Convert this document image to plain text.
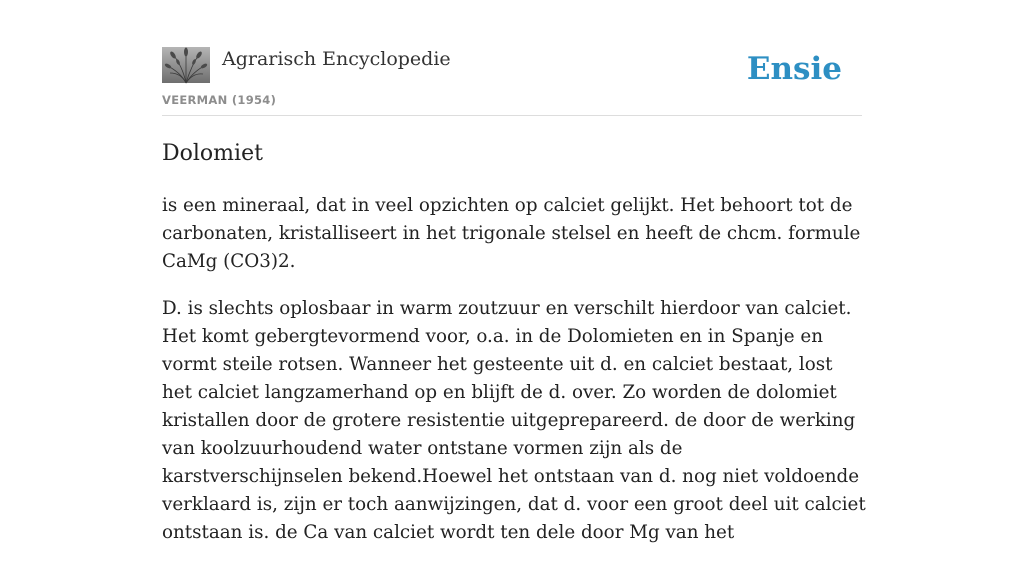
Agrarisch Encyclopedie
VEERMAN (1954)
Ensie
Dolomiet

is een mineraal, dat in veel opzichten op calciet gelijkt. Het behoort tot de carbonaten, kristalliseert in het trigonale stelsel en heeft de chcm. formule CaMg (CO3)2.

D. is slechts oplosbaar in warm zoutzuur en verschilt hierdoor van calciet. Het komt gebergtevormend voor, o.a. in de Dolomieten en in Spanje en vormt steile rotsen. Wanneer het gesteente uit d. en calciet bestaat, lost het calciet langzamerhand op en blijft de d. over. Zo worden de dolomiet kristallen door de grotere resistentie uitgeprepareerd. de door de werking van koolzuurhoudend water ontstane vormen zijn als de karstverschijnselen bekend.Hoewel het ontstaan van d. nog niet voldoende verklaard is, zijn er toch aanwijzingen, dat d. voor een groot deel uit calciet ontstaan is. de Ca van calciet wordt ten dele door Mg van het
